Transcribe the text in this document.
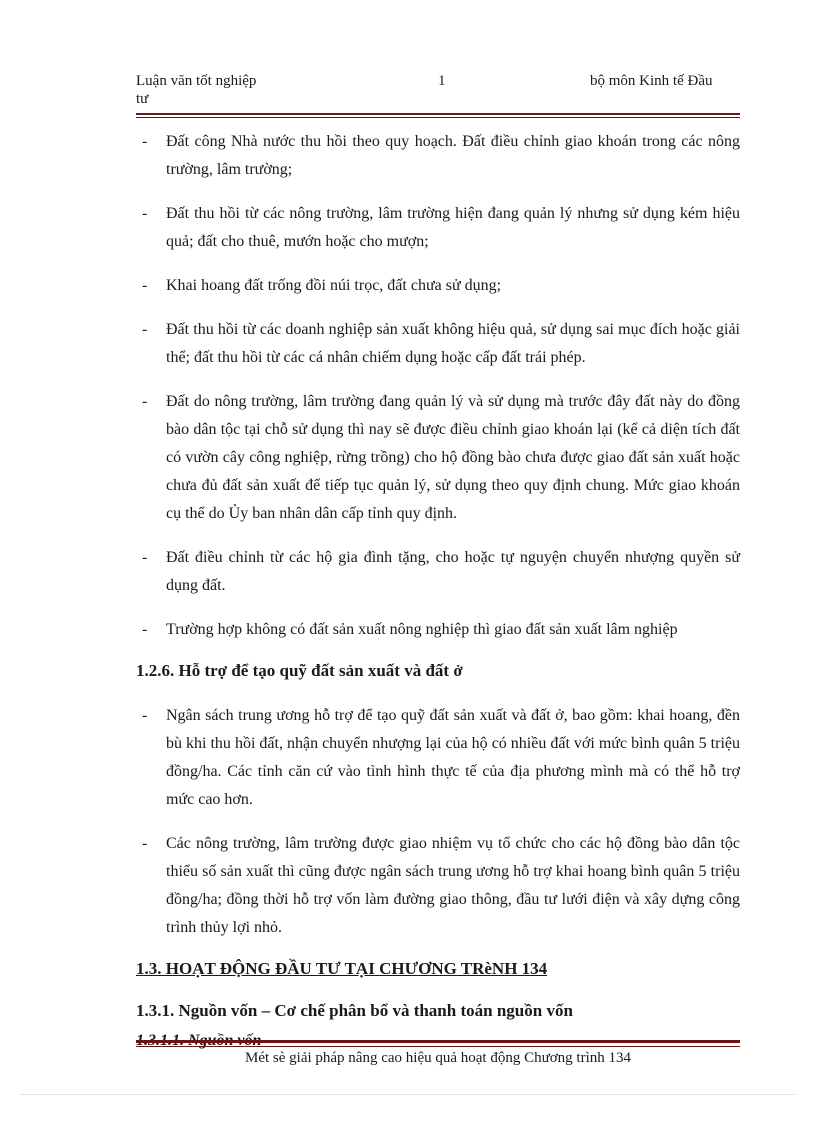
Luận văn tốt nghiệp
tư
1	bộ môn Kinh tế Đầu
- Đất công Nhà nước thu hồi theo quy hoạch. Đất điều chỉnh giao khoán trong các nông trường, lâm trường;
- Đất thu hồi từ các nông trường, lâm trường hiện đang quản lý nhưng sử dụng kém hiệu quả; đất cho thuê, mướn hoặc cho mượn;
- Khai hoang đất trống đồi núi trọc, đất chưa sử dụng;
- Đất thu hồi từ các doanh nghiệp sản xuất không hiệu quả, sử dụng sai mục đích hoặc giải thể; đất thu hồi từ các cá nhân chiếm dụng hoặc cấp đất trái phép.
- Đất do nông trường, lâm trường đang quản lý và sử dụng mà trước đây đất này do đồng bào dân tộc tại chỗ sử dụng thì nay sẽ được điều chỉnh giao khoán lại (kể cả diện tích đất có vườn cây công nghiệp, rừng trồng) cho hộ đồng bào chưa được giao đất sản xuất hoặc chưa đủ đất sản xuất để tiếp tục quản lý, sử dụng theo quy định chung. Mức giao khoán cụ thể do Ủy ban nhân dân cấp tỉnh quy định.
- Đất điều chỉnh từ các hộ gia đình tặng, cho hoặc tự nguyện chuyển nhượng quyền sử dụng đất.
- Trường hợp không có đất sản xuất nông nghiệp thì giao đất sản xuất lâm nghiệp
1.2.6. Hỗ trợ để tạo quỹ đất sản xuất và đất ở
- Ngân sách trung ương hỗ trợ để tạo quỹ đất sản xuất và đất ở, bao gồm: khai hoang, đền bù khi thu hồi đất, nhận chuyển nhượng lại của hộ có nhiều đất với mức bình quân 5 triệu đồng/ha. Các tỉnh căn cứ vào tình hình thực tế của địa phương mình mà có thể hỗ trợ mức cao hơn.
- Các nông trường, lâm trường được giao nhiệm vụ tổ chức cho các hộ đồng bào dân tộc thiểu số sản xuất thì cũng được ngân sách trung ương hỗ trợ khai hoang bình quân 5 triệu đồng/ha; đồng thời hỗ trợ vốn làm đường giao thông, đầu tư lưới điện và xây dựng công trình thủy lợi nhỏ.
1.3. HOẠT ĐỘNG ĐẦU TƯ TẠI CHƯƠNG TRèNH 134
1.3.1. Nguồn vốn – Cơ chế phân bổ và thanh toán nguồn vốn
1.3.1.1. Nguồn vốn
Mét sè giải pháp nâng cao hiệu quả hoạt động Chương trình 134
